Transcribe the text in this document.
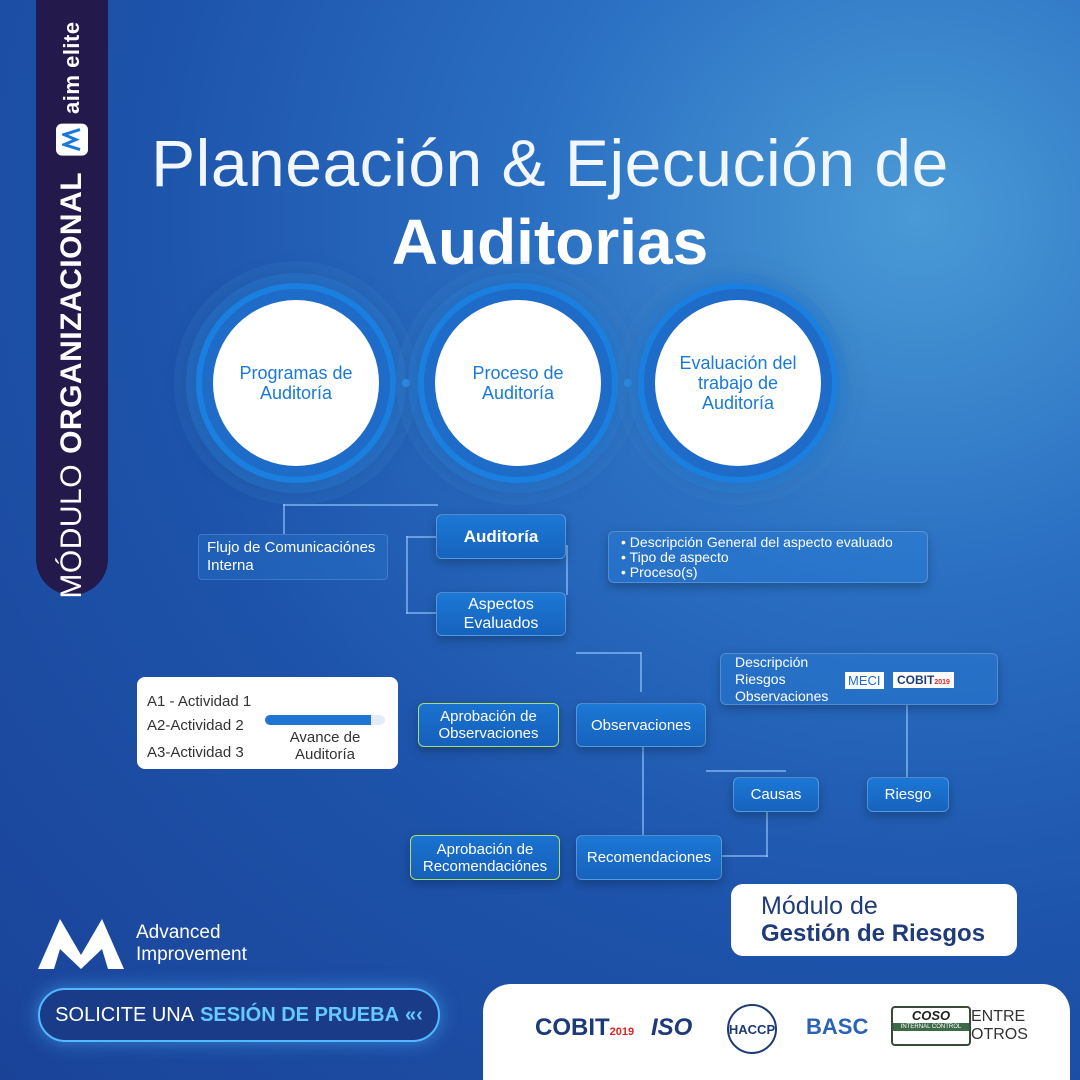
MÓDULO
ORGANIZACIONAL
aim elite
Planeación & Ejecución de
Auditorias
Programas de Auditoría
Proceso de Auditoría
Evaluación del trabajo de Auditoría
Flujo de Comunicaciónes Interna
Auditoría	• Descripción General del aspecto evaluado
• Tipo de aspecto
• Proceso(s)
Aspectos Evaluados
Aprobación de Observaciones	Observaciones
Descripción
Riesgos
Observaciones
MECI	COBIT2019
Causas	Riesgo
Aprobación de Recomendaciónes	Recomendaciones
A1 - Actividad 1
A2-Actividad 2
A3-Actividad 3
Avance de Auditoría
Módulo de
Gestión de Riesgos
Advanced
Improvement
SOLICITE UNA SESIÓN DE PRUEBA «‹	COBIT2019 ISO	HACCP BASC	COSO
INTERNAL CONTROL
ENTRE
OTROS
